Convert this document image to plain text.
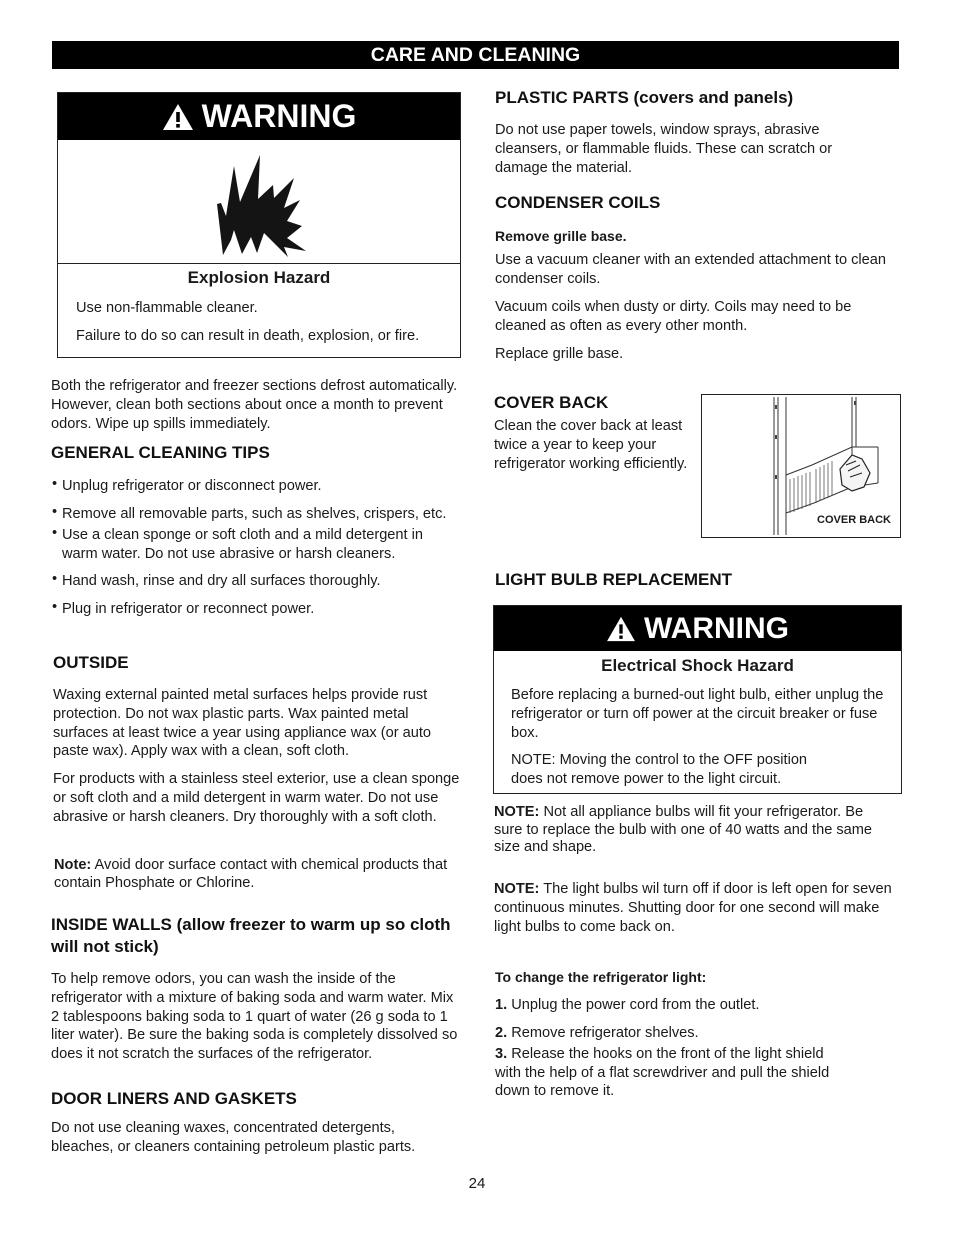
CARE AND CLEANING
WARNING
Explosion Hazard
Use non-flammable cleaner.
Failure to do so can result in death, explosion, or fire.
Both the refrigerator and freezer sections defrost automatically. However, clean both sections about once a month to prevent odors. Wipe up spills immediately.
GENERAL CLEANING TIPS
• Unplug refrigerator or disconnect power.
• Remove all removable parts, such as shelves, crispers, etc.
• Use a clean sponge or soft cloth and a mild detergent in warm water. Do not use abrasive or harsh cleaners.
• Hand wash, rinse and dry all surfaces thoroughly.
• Plug in refrigerator or reconnect power.
OUTSIDE
Waxing external painted metal surfaces helps provide rust protection. Do not wax plastic parts. Wax painted metal surfaces at least twice a year using appliance wax (or auto paste wax). Apply wax with a clean, soft cloth.
For products with a stainless steel exterior, use a clean sponge or soft cloth and a mild detergent in warm water. Do not use abrasive or harsh cleaners. Dry thoroughly with a soft cloth.
Note: Avoid door surface contact with chemical products that contain Phosphate or Chlorine.
INSIDE WALLS (allow freezer to warm up so cloth will not stick)
To help remove odors, you can wash the inside of the refrigerator with a mixture of baking soda and warm water. Mix 2 tablespoons baking soda to 1 quart of water (26 g soda to 1 liter water). Be sure the baking soda is completely dissolved so does it not scratch the surfaces of the refrigerator.
DOOR LINERS AND GASKETS
Do not use cleaning waxes, concentrated detergents, bleaches, or cleaners containing petroleum plastic parts.
PLASTIC PARTS (covers and panels)
Do not use paper towels, window sprays, abrasive cleansers, or flammable fluids. These can scratch or damage the material.
CONDENSER COILS
Remove grille base.
Use a vacuum cleaner with an extended attachment to clean condenser coils.
Vacuum coils when dusty or dirty. Coils may need to be cleaned as often as every other month.
Replace grille base.
COVER BACK
Clean the cover back at least twice a year to keep your refrigerator working efficiently.
COVER BACK
LIGHT BULB REPLACEMENT
WARNING
Electrical Shock Hazard
Before replacing a burned-out light bulb, either unplug the refrigerator or turn off power at the circuit breaker or fuse box.
NOTE: Moving the control to the OFF position does not remove power to the light circuit.
NOTE: Not all appliance bulbs will fit your refrigerator. Be sure to replace the bulb with one of 40 watts and the same size and shape.
NOTE: The light bulbs wil turn off if door is left open for seven continuous minutes. Shutting door for one second will make light bulbs to come back on.
To change the refrigerator light:
1. Unplug the power cord from the outlet.
2. Remove refrigerator shelves.
3. Release the hooks on the front of the light shield with the help of a flat screwdriver and pull the shield down to remove it.
24
